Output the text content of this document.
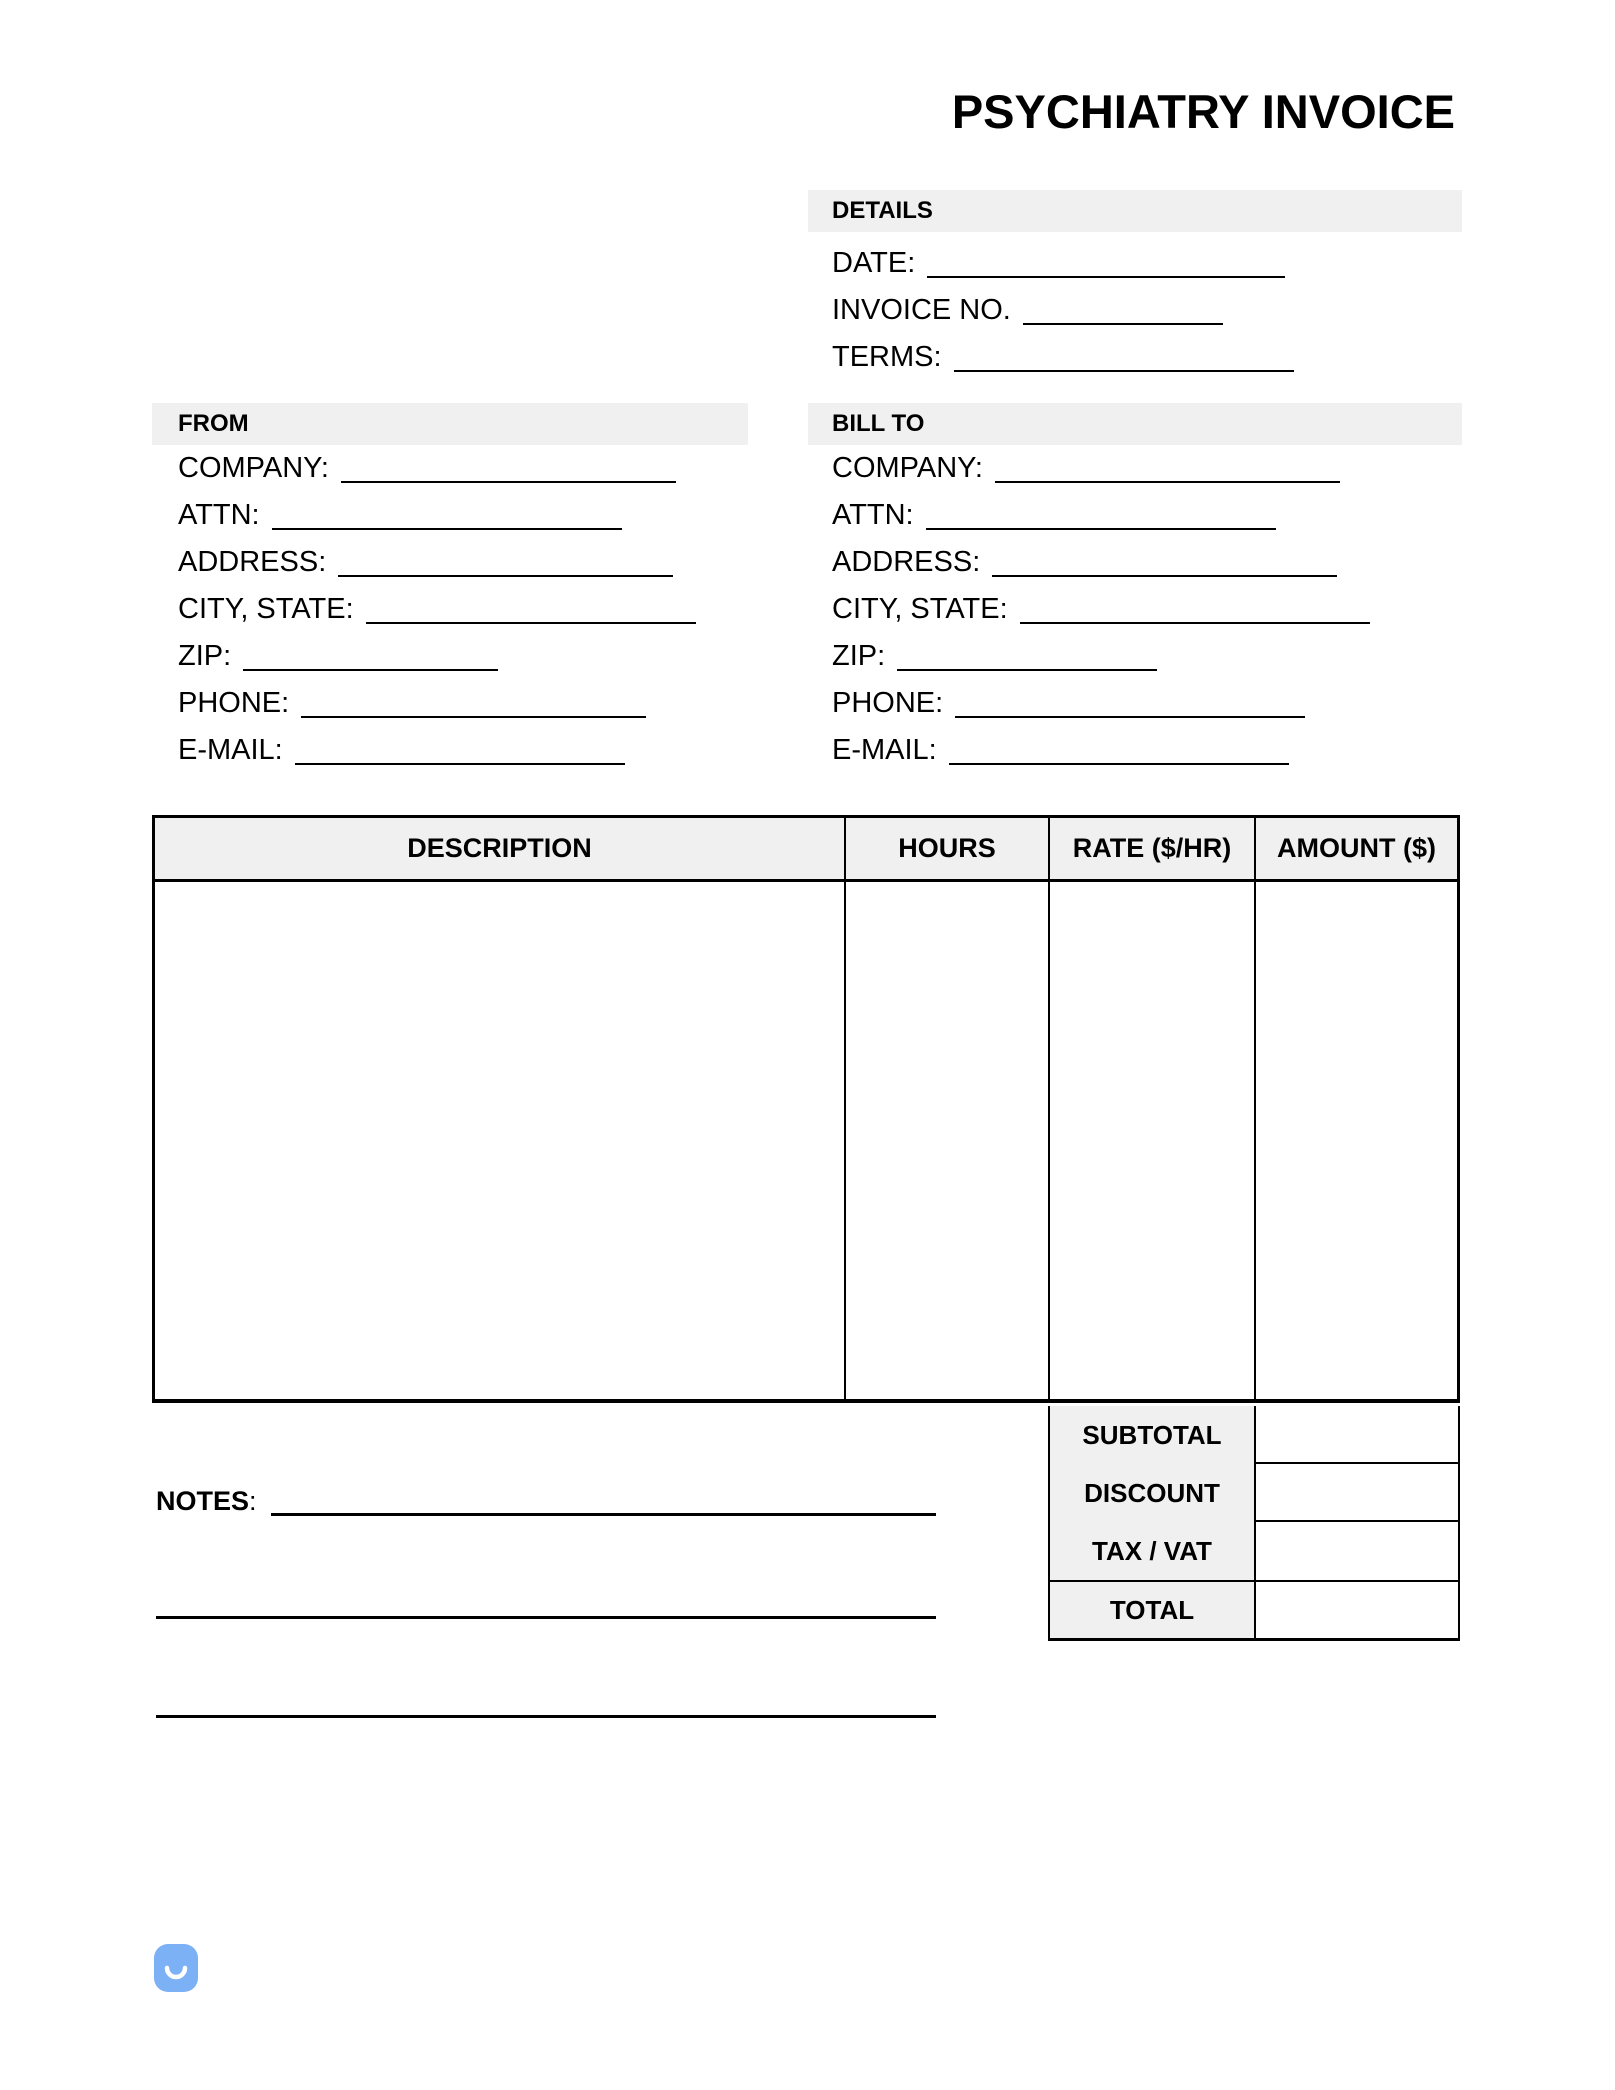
PSYCHIATRY INVOICE
DETAILS
DATE:
INVOICE NO.
TERMS:
FROM
COMPANY:
ATTN:
ADDRESS:
CITY, STATE:
ZIP:
PHONE:
E-MAIL:
BILL TO
COMPANY:
ATTN:
ADDRESS:
CITY, STATE:
ZIP:
PHONE:
E-MAIL:
DESCRIPTION	HOURS	RATE ($/HR)	AMOUNT ($)
SUBTOTAL
DISCOUNT
TAX / VAT
TOTAL
NOTES :
